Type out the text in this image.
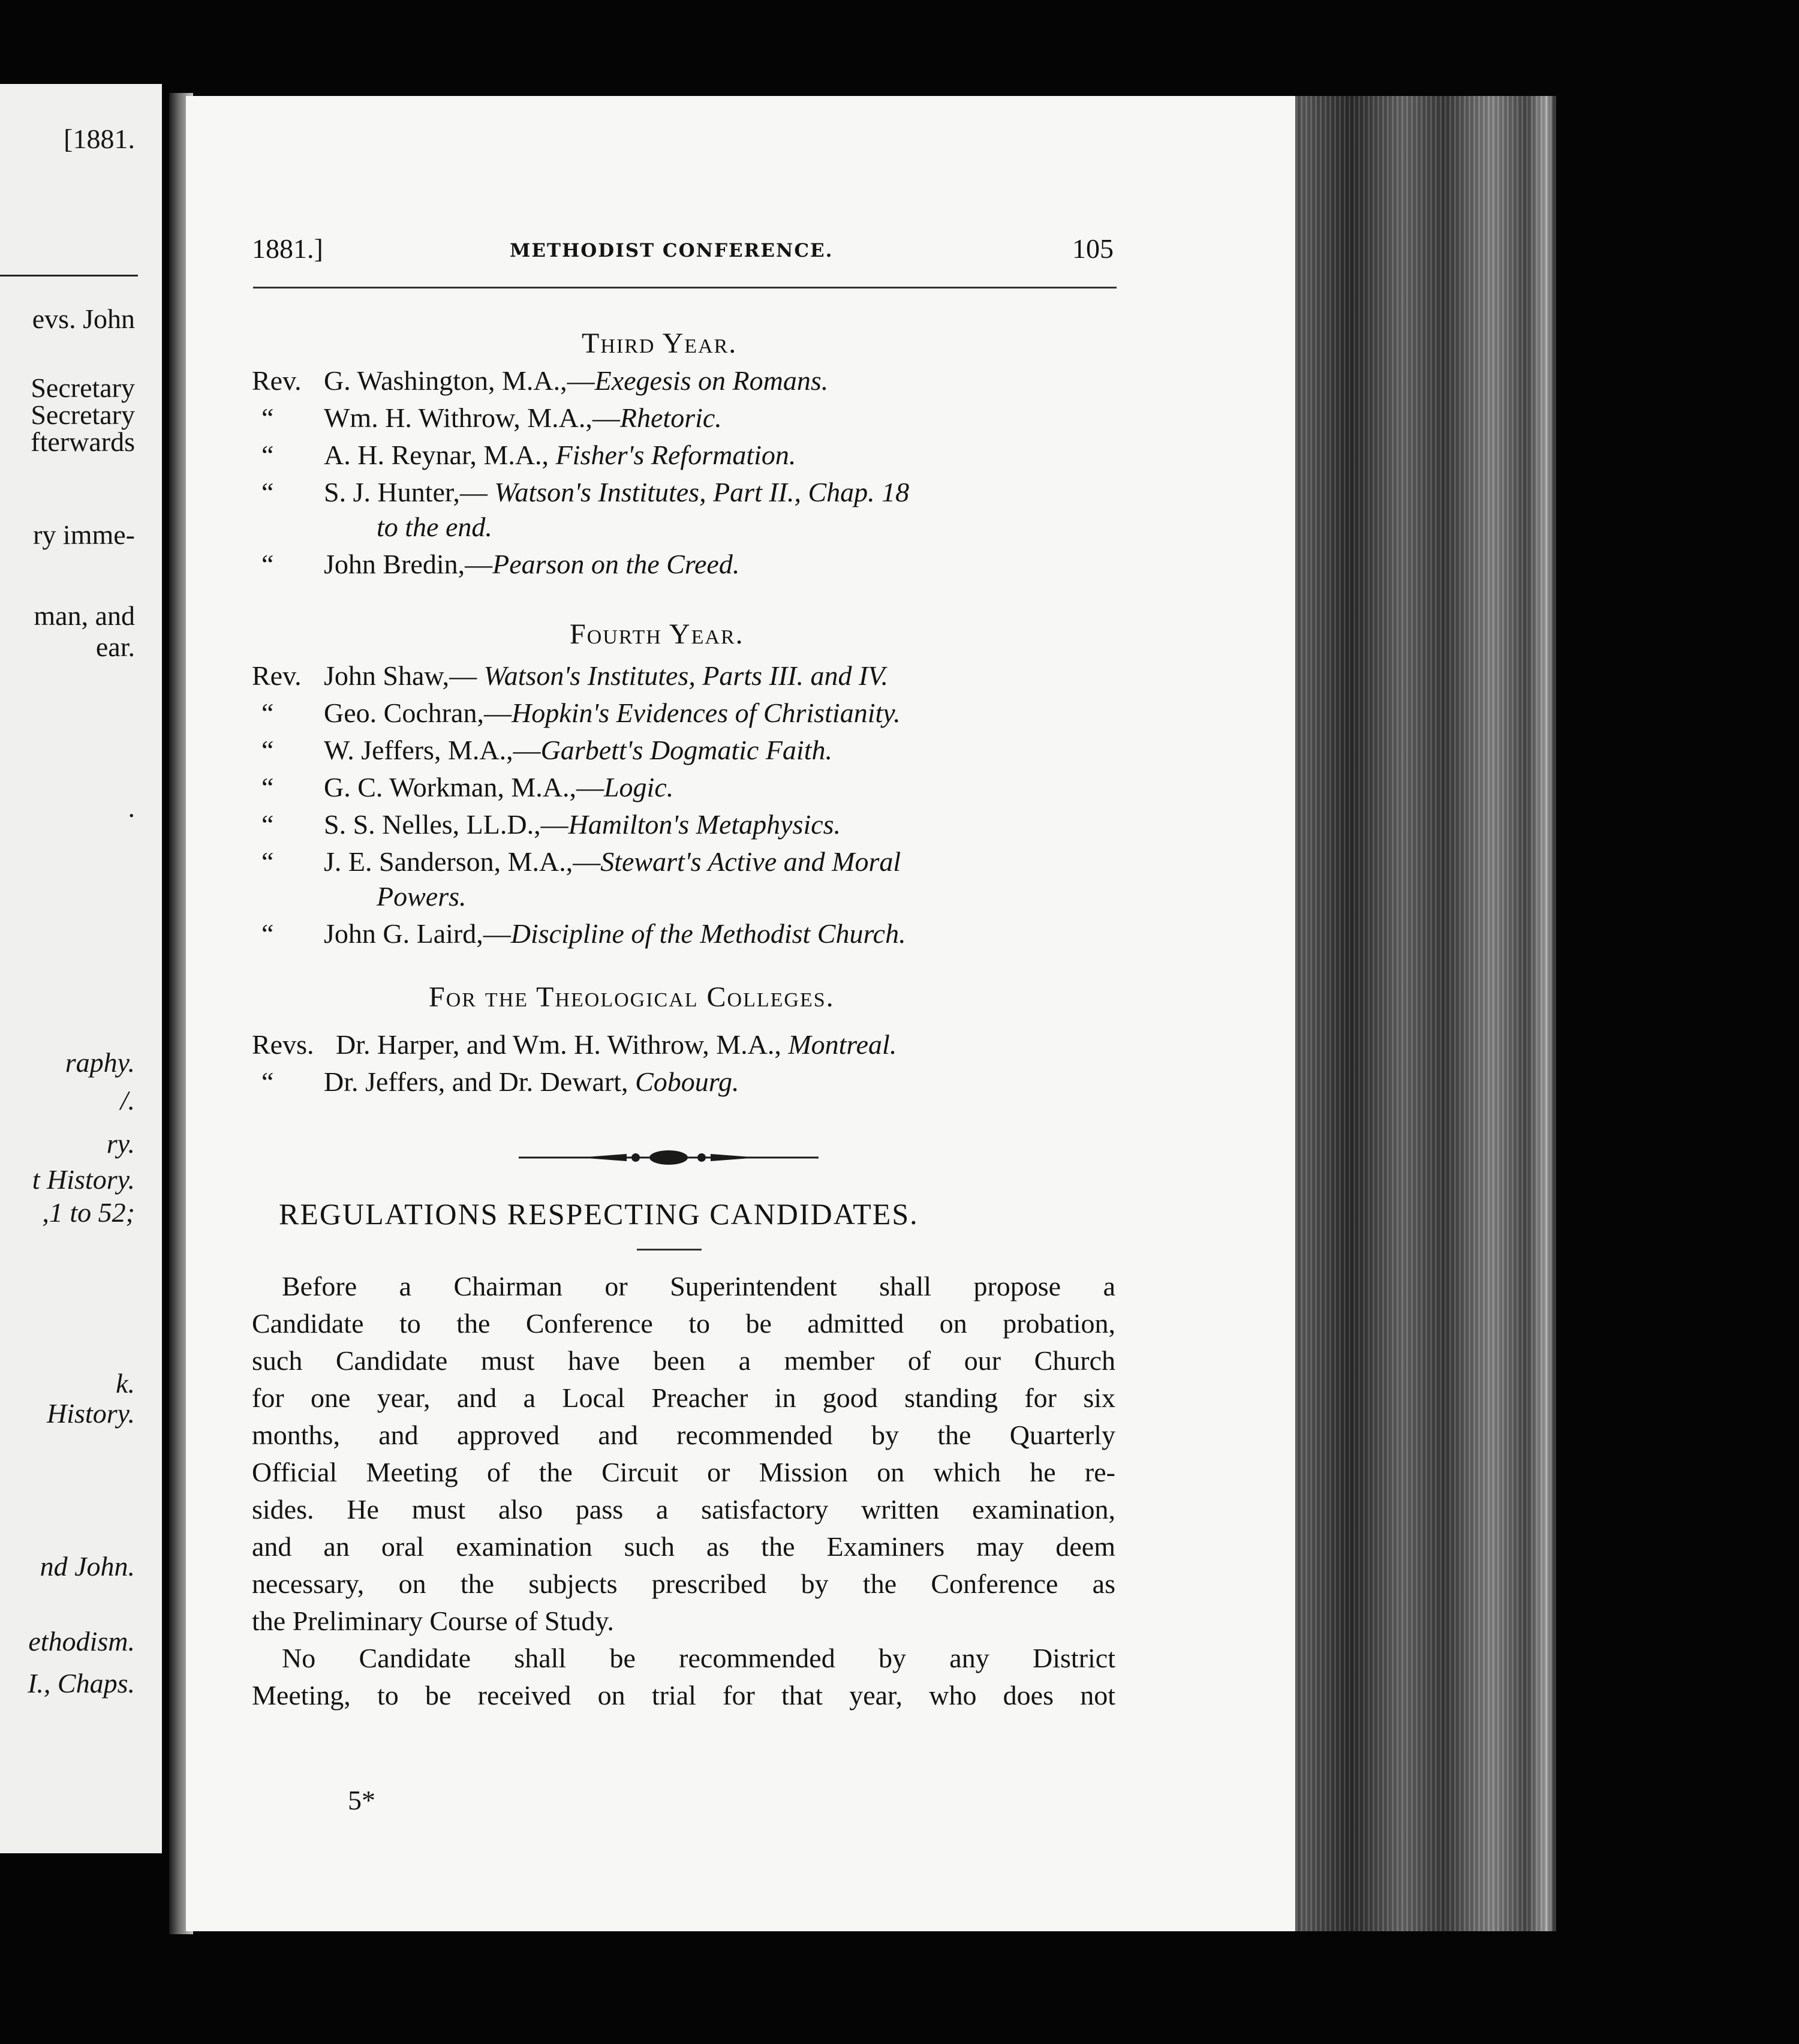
[1881.
evs. John
Secretary
Secretary
fterwards
ry imme-
man, and
ear.
.
raphy.
/.
ry.
t History.
,1 to 52;
k.
History.
nd John.
ethodism.
I., Chaps.
1881.]	METHODIST CONFERENCE.	105
Third Year.
Rev. G. Washington, M.A.,—Exegesis on Romans.
“ Wm. H. Withrow, M.A.,—Rhetoric.
“ A. H. Reynar, M.A., Fisher's Reformation.
“ S. J. Hunter,— Watson's Institutes, Part II., Chap. 18
to the end.
“ John Bredin,—Pearson on the Creed.
Fourth Year.
Rev. John Shaw,— Watson's Institutes, Parts III. and IV.
“ Geo. Cochran,—Hopkin's Evidences of Christianity.
“ W. Jeffers, M.A.,—Garbett's Dogmatic Faith.
“ G. C. Workman, M.A.,—Logic.
“ S. S. Nelles, LL.D.,—Hamilton's Metaphysics.
“ J. E. Sanderson, M.A.,—Stewart's Active and Moral
Powers.
“ John G. Laird,—Discipline of the Methodist Church.
For the Theological Colleges.
Revs. Dr. Harper, and Wm. H. Withrow, M.A., Montreal.
“ Dr. Jeffers, and Dr. Dewart, Cobourg.
REGULATIONS RESPECTING CANDIDATES.
Before a Chairman or Superintendent shall propose a
Candidate to the Conference to be admitted on probation,
such Candidate must have been a member of our Church
for one year, and a Local Preacher in good standing for six
months, and approved and recommended by the Quarterly
Official Meeting of the Circuit or Mission on which he re-
sides. He must also pass a satisfactory written examination,
and an oral examination such as the Examiners may deem
necessary, on the subjects prescribed by the Conference as
the Preliminary Course of Study.
No Candidate shall be recommended by any District
Meeting, to be received on trial for that year, who does not
5*
